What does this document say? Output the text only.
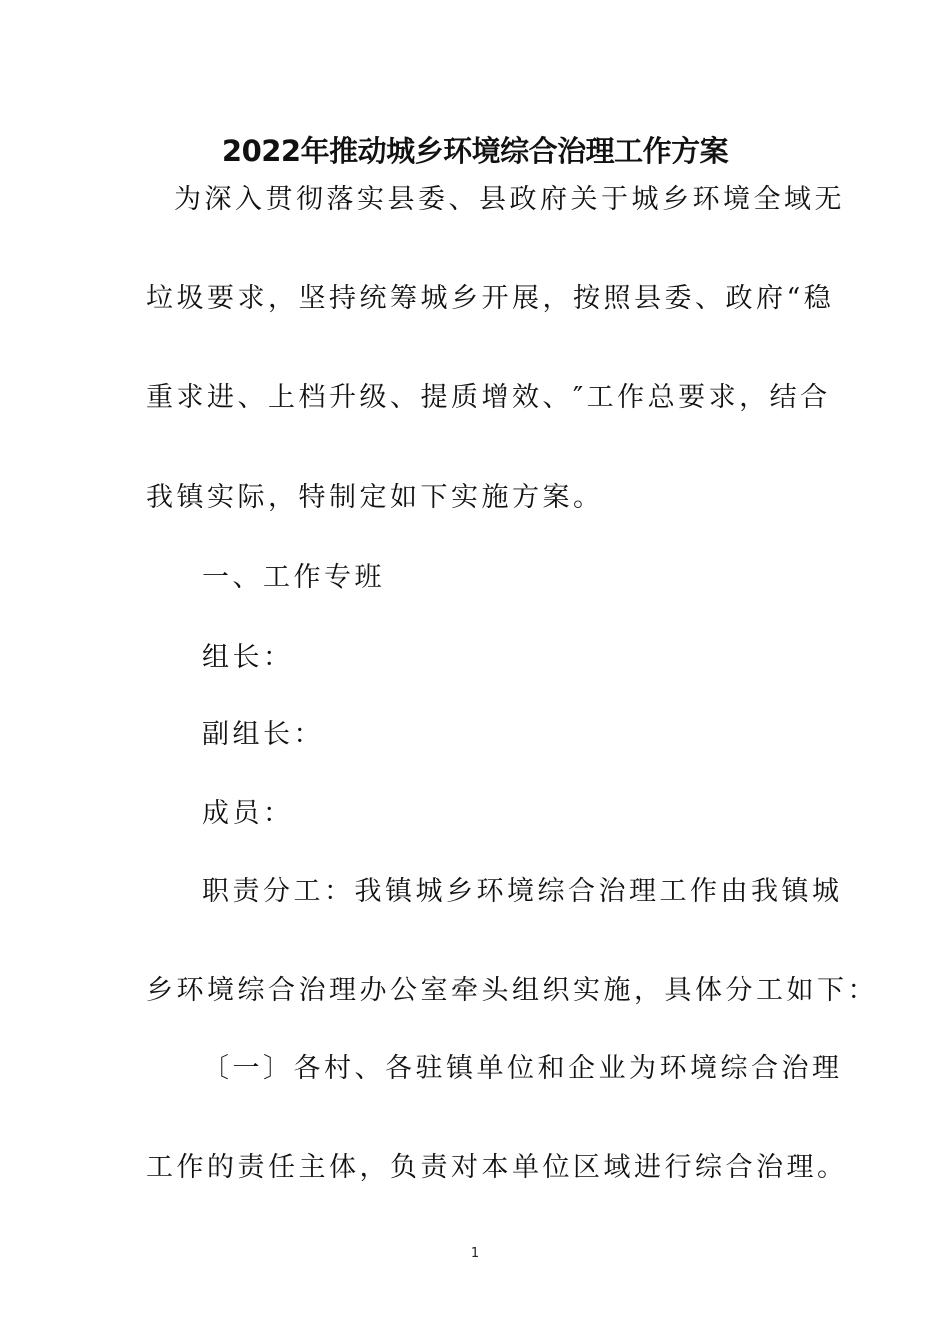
2022年推动城乡环境综合治理工作方案
为深入贯彻落实县委、县政府关于城乡环境全域无
垃圾要求，坚持统筹城乡开展，按照县委、政府“稳
重求进、上档升级、提质增效、″工作总要求，结合
我镇实际，特制定如下实施方案。
一、工作专班
组长：
副组长：
成员：
职责分工：我镇城乡环境综合治理工作由我镇城
乡环境综合治理办公室牵头组织实施，具体分工如下：
〔一〕各村、各驻镇单位和企业为环境综合治理
工作的责任主体，负责对本单位区域进行综合治理。
1
